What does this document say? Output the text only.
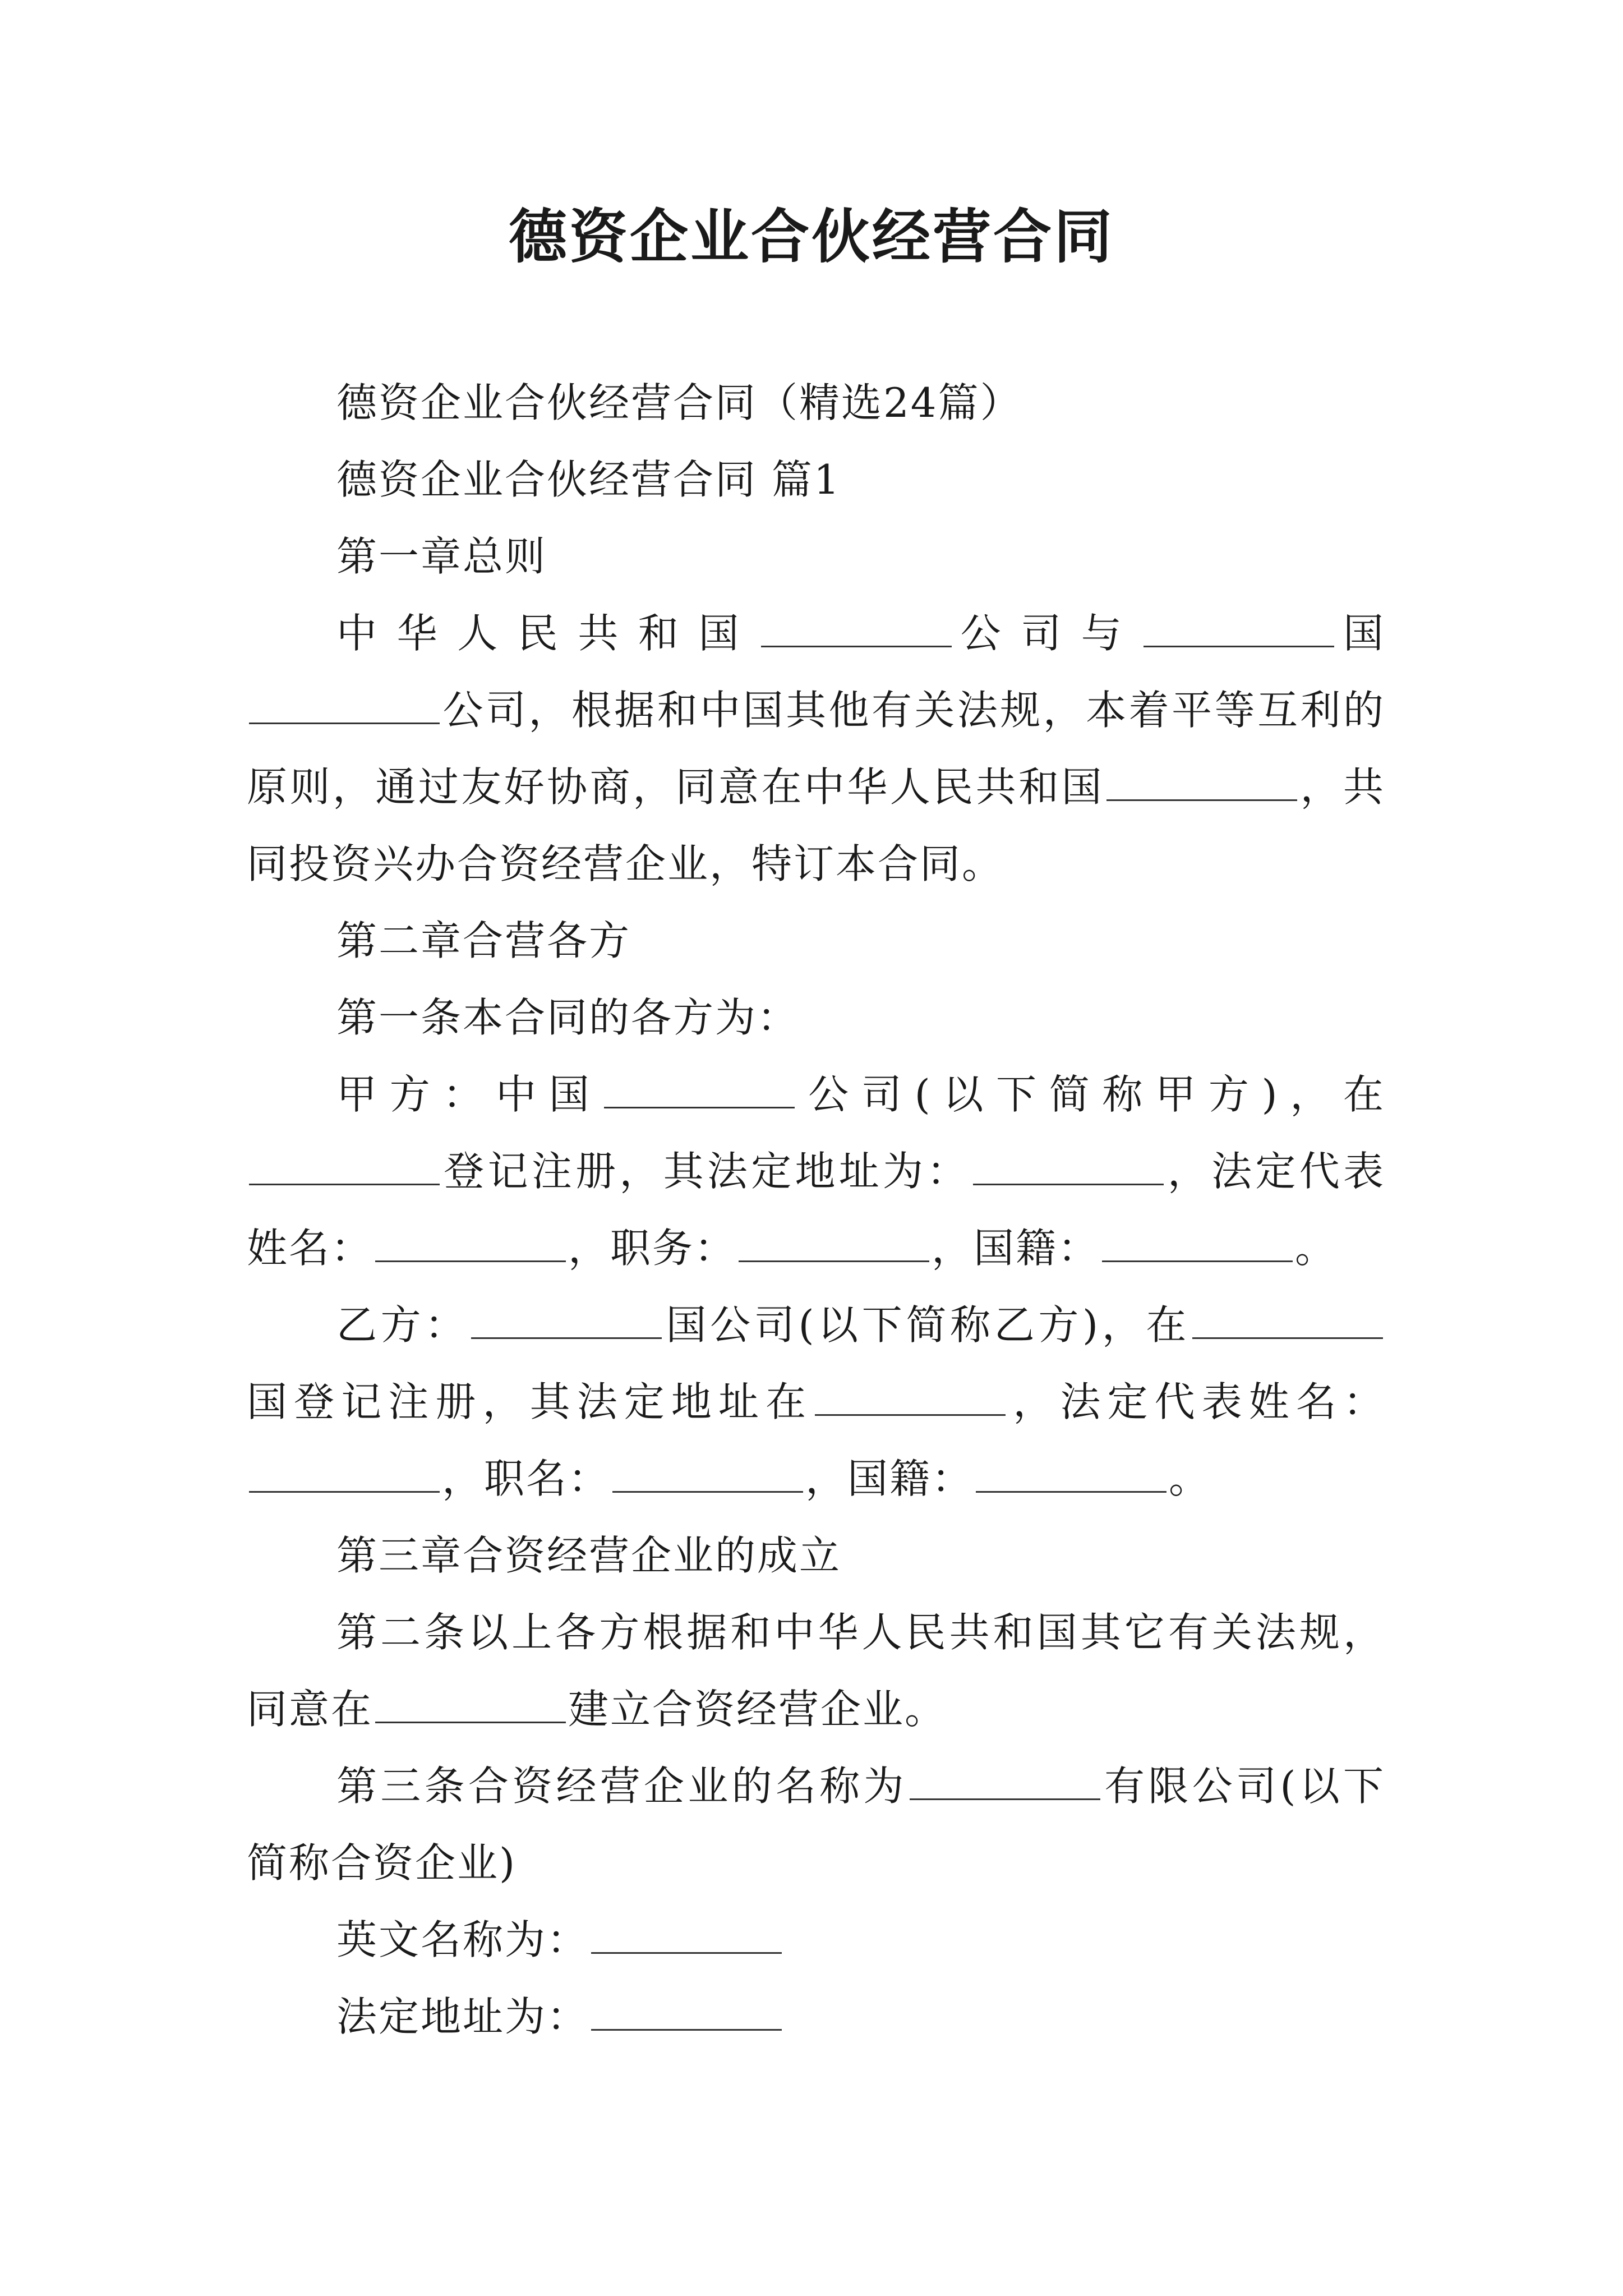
德资企业合伙经营合同

德资企业合伙经营合同（精选24篇）

德资企业合伙经营合同 篇1

第一章总则

中华人民共和国	公司与	国公司，根据和中国其他有关法规，本着平等互利的原则，通过友好协商，同意在中华人民共和国	，共同投资兴办合资经营企业，特订本合同。

第二章合营各方

第一条本合同的各方为：

甲方：中国	公司(以下简称甲方)，在登记注册，其法定地址为：	，法定代表姓名：	，职务：	，国籍：	。

乙方：	国公司(以下简称乙方)，在国登记注册，其法定地址在	，法定代表姓名：，职名：	，国籍：	。

第三章合资经营企业的成立

第二条以上各方根据和中华人民共和国其它有关法规，同意在	建立合资经营企业。

第三条合资经营企业的名称为	有限公司(以下简称合资企业)

英文名称为：

法定地址为：
